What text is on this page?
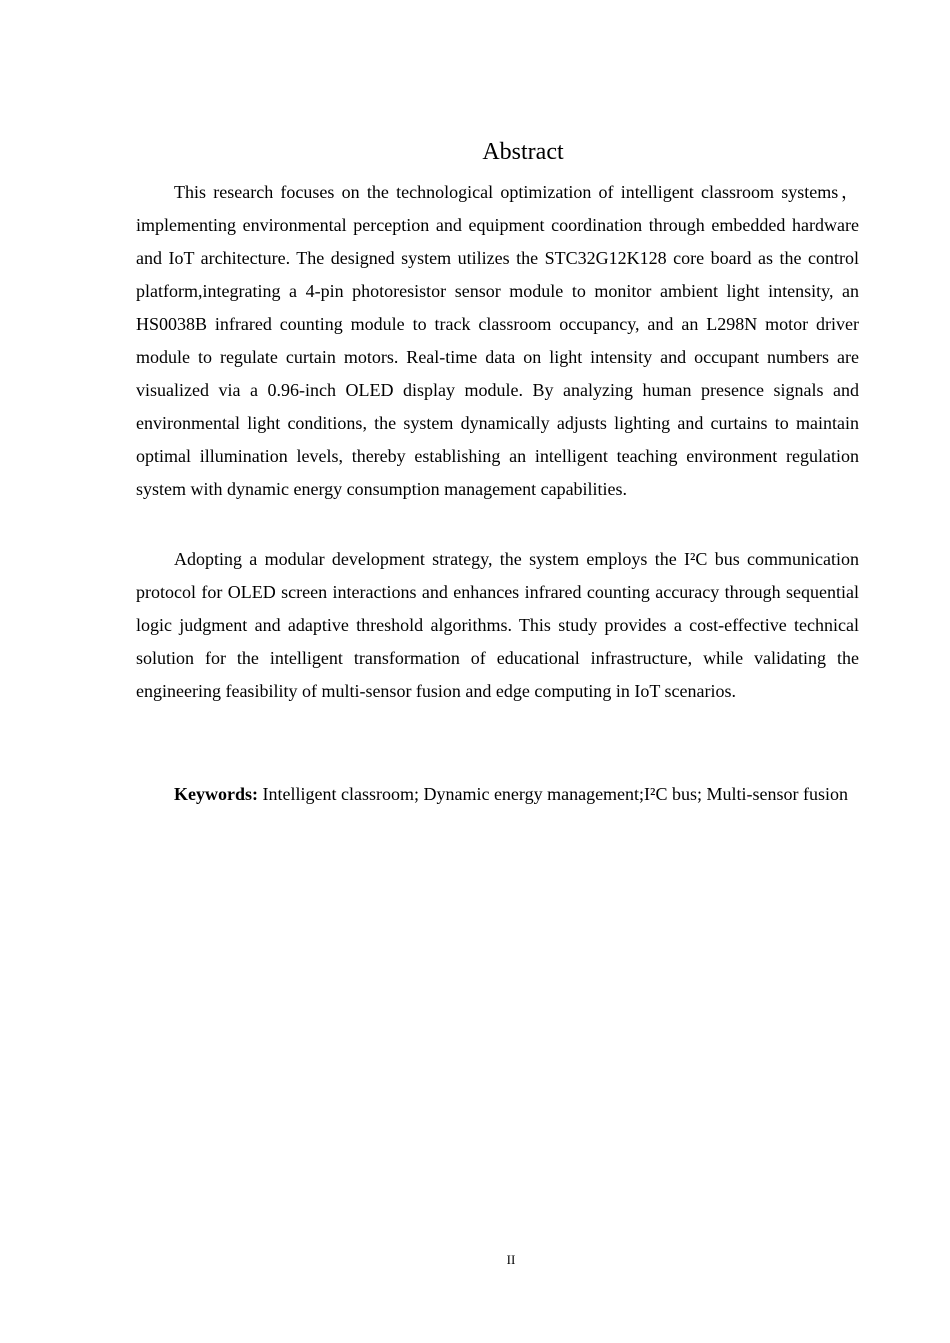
Abstract

This research focuses on the technological optimization of intelligent classroom systems，implementing environmental perception and equipment coordination through embedded hardware and IoT architecture. The designed system utilizes the STC32G12K128 core board as the control platform,integrating a 4-pin photoresistor sensor module to monitor ambient light intensity, an HS0038B infrared counting module to track classroom occupancy, and an L298N motor driver module to regulate curtain motors. Real-time data on light intensity and occupant numbers are visualized via a 0.96-inch OLED display module. By analyzing human presence signals and environmental light conditions, the system dynamically adjusts lighting and curtains to maintain optimal illumination levels, thereby establishing an intelligent teaching environment regulation system with dynamic energy consumption management capabilities.

Adopting a modular development strategy, the system employs the I²C bus communication protocol for OLED screen interactions and enhances infrared counting accuracy through sequential logic judgment and adaptive threshold algorithms. This study provides a cost-effective technical solution for the intelligent transformation of educational infrastructure, while validating the engineering feasibility of multi-sensor fusion and edge computing in IoT scenarios.

Keywords: Intelligent classroom; Dynamic energy management;I²C bus; Multi-sensor fusion

II
